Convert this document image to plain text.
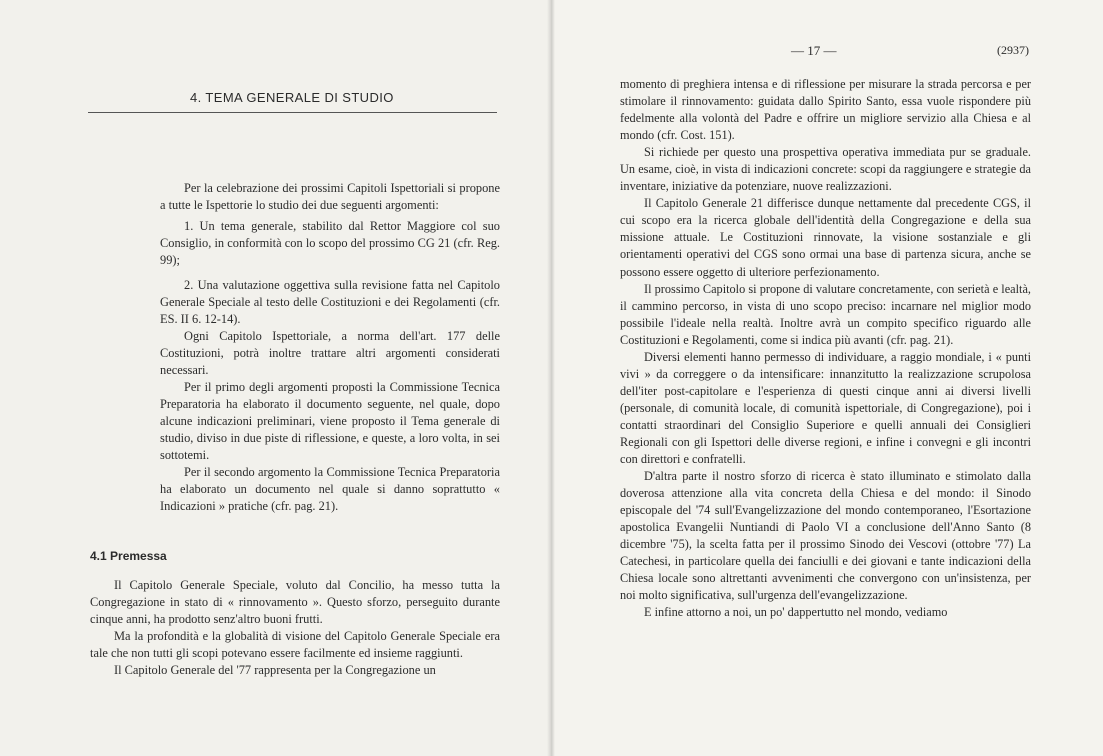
4. TEMA GENERALE DI STUDIO

Per la celebrazione dei prossimi Capitoli Ispettoriali si propone a tutte le Ispettorie lo studio dei due seguenti argomenti:

1. Un tema generale, stabilito dal Rettor Maggiore col suo Consiglio, in conformità con lo scopo del prossimo CG 21 (cfr. Reg. 99);

2. Una valutazione oggettiva sulla revisione fatta nel Capitolo Generale Speciale al testo delle Costituzioni e dei Regolamenti (cfr. ES. II 6. 12-14).

Ogni Capitolo Ispettoriale, a norma dell'art. 177 delle Costituzioni, potrà inoltre trattare altri argomenti considerati necessari.

Per il primo degli argomenti proposti la Commissione Tecnica Preparatoria ha elaborato il documento seguente, nel quale, dopo alcune indicazioni preliminari, viene proposto il Tema generale di studio, diviso in due piste di riflessione, e queste, a loro volta, in sei sottotemi.

Per il secondo argomento la Commissione Tecnica Preparatoria ha elaborato un documento nel quale si danno soprattutto « Indicazioni » pratiche (cfr. pag. 21).

4.1 Premessa

Il Capitolo Generale Speciale, voluto dal Concilio, ha messo tutta la Congregazione in stato di « rinnovamento ». Questo sforzo, perseguito durante cinque anni, ha prodotto senz'altro buoni frutti.

Ma la profondità e la globalità di visione del Capitolo Generale Speciale era tale che non tutti gli scopi potevano essere facilmente ed insieme raggiunti.

Il Capitolo Generale del '77 rappresenta per la Congregazione un

— 17 —	(2937)

momento di preghiera intensa e di riflessione per misurare la strada percorsa e per stimolare il rinnovamento: guidata dallo Spirito Santo, essa vuole rispondere più fedelmente alla volontà del Padre e offrire un migliore servizio alla Chiesa e al mondo (cfr. Cost. 151).

Si richiede per questo una prospettiva operativa immediata pur se graduale. Un esame, cioè, in vista di indicazioni concrete: scopi da raggiungere e strategie da inventare, iniziative da potenziare, nuove realizzazioni.

Il Capitolo Generale 21 differisce dunque nettamente dal precedente CGS, il cui scopo era la ricerca globale dell'identità della Congregazione e della sua missione attuale. Le Costituzioni rinnovate, la visione sostanziale e gli orientamenti operativi del CGS sono ormai una base di partenza sicura, anche se possono essere oggetto di ulteriore perfezionamento.

Il prossimo Capitolo si propone di valutare concretamente, con serietà e lealtà, il cammino percorso, in vista di uno scopo preciso: incarnare nel miglior modo possibile l'ideale nella realtà. Inoltre avrà un compito specifico riguardo alle Costituzioni e Regolamenti, come si indica più avanti (cfr. pag. 21).

Diversi elementi hanno permesso di individuare, a raggio mondiale, i « punti vivi » da correggere o da intensificare: innanzitutto la realizzazione scrupolosa dell'iter post-capitolare e l'esperienza di questi cinque anni ai diversi livelli (personale, di comunità locale, di comunità ispettoriale, di Congregazione), poi i contatti straordinari del Consiglio Superiore e quelli annuali dei Consiglieri Regionali con gli Ispettori delle diverse regioni, e infine i convegni e gli incontri con direttori e confratelli.

D'altra parte il nostro sforzo di ricerca è stato illuminato e stimolato dalla doverosa attenzione alla vita concreta della Chiesa e del mondo: il Sinodo episcopale del '74 sull'Evangelizzazione del mondo contemporaneo, l'Esortazione apostolica Evangelii Nuntiandi di Paolo VI a conclusione dell'Anno Santo (8 dicembre '75), la scelta fatta per il prossimo Sinodo dei Vescovi (ottobre '77) La Catechesi, in particolare quella dei fanciulli e dei giovani e tante indicazioni della Chiesa locale sono altrettanti avvenimenti che convergono con un'insistenza, per noi molto significativa, sull'urgenza dell'evangelizzazione.

E infine attorno a noi, un po' dappertutto nel mondo, vediamo
